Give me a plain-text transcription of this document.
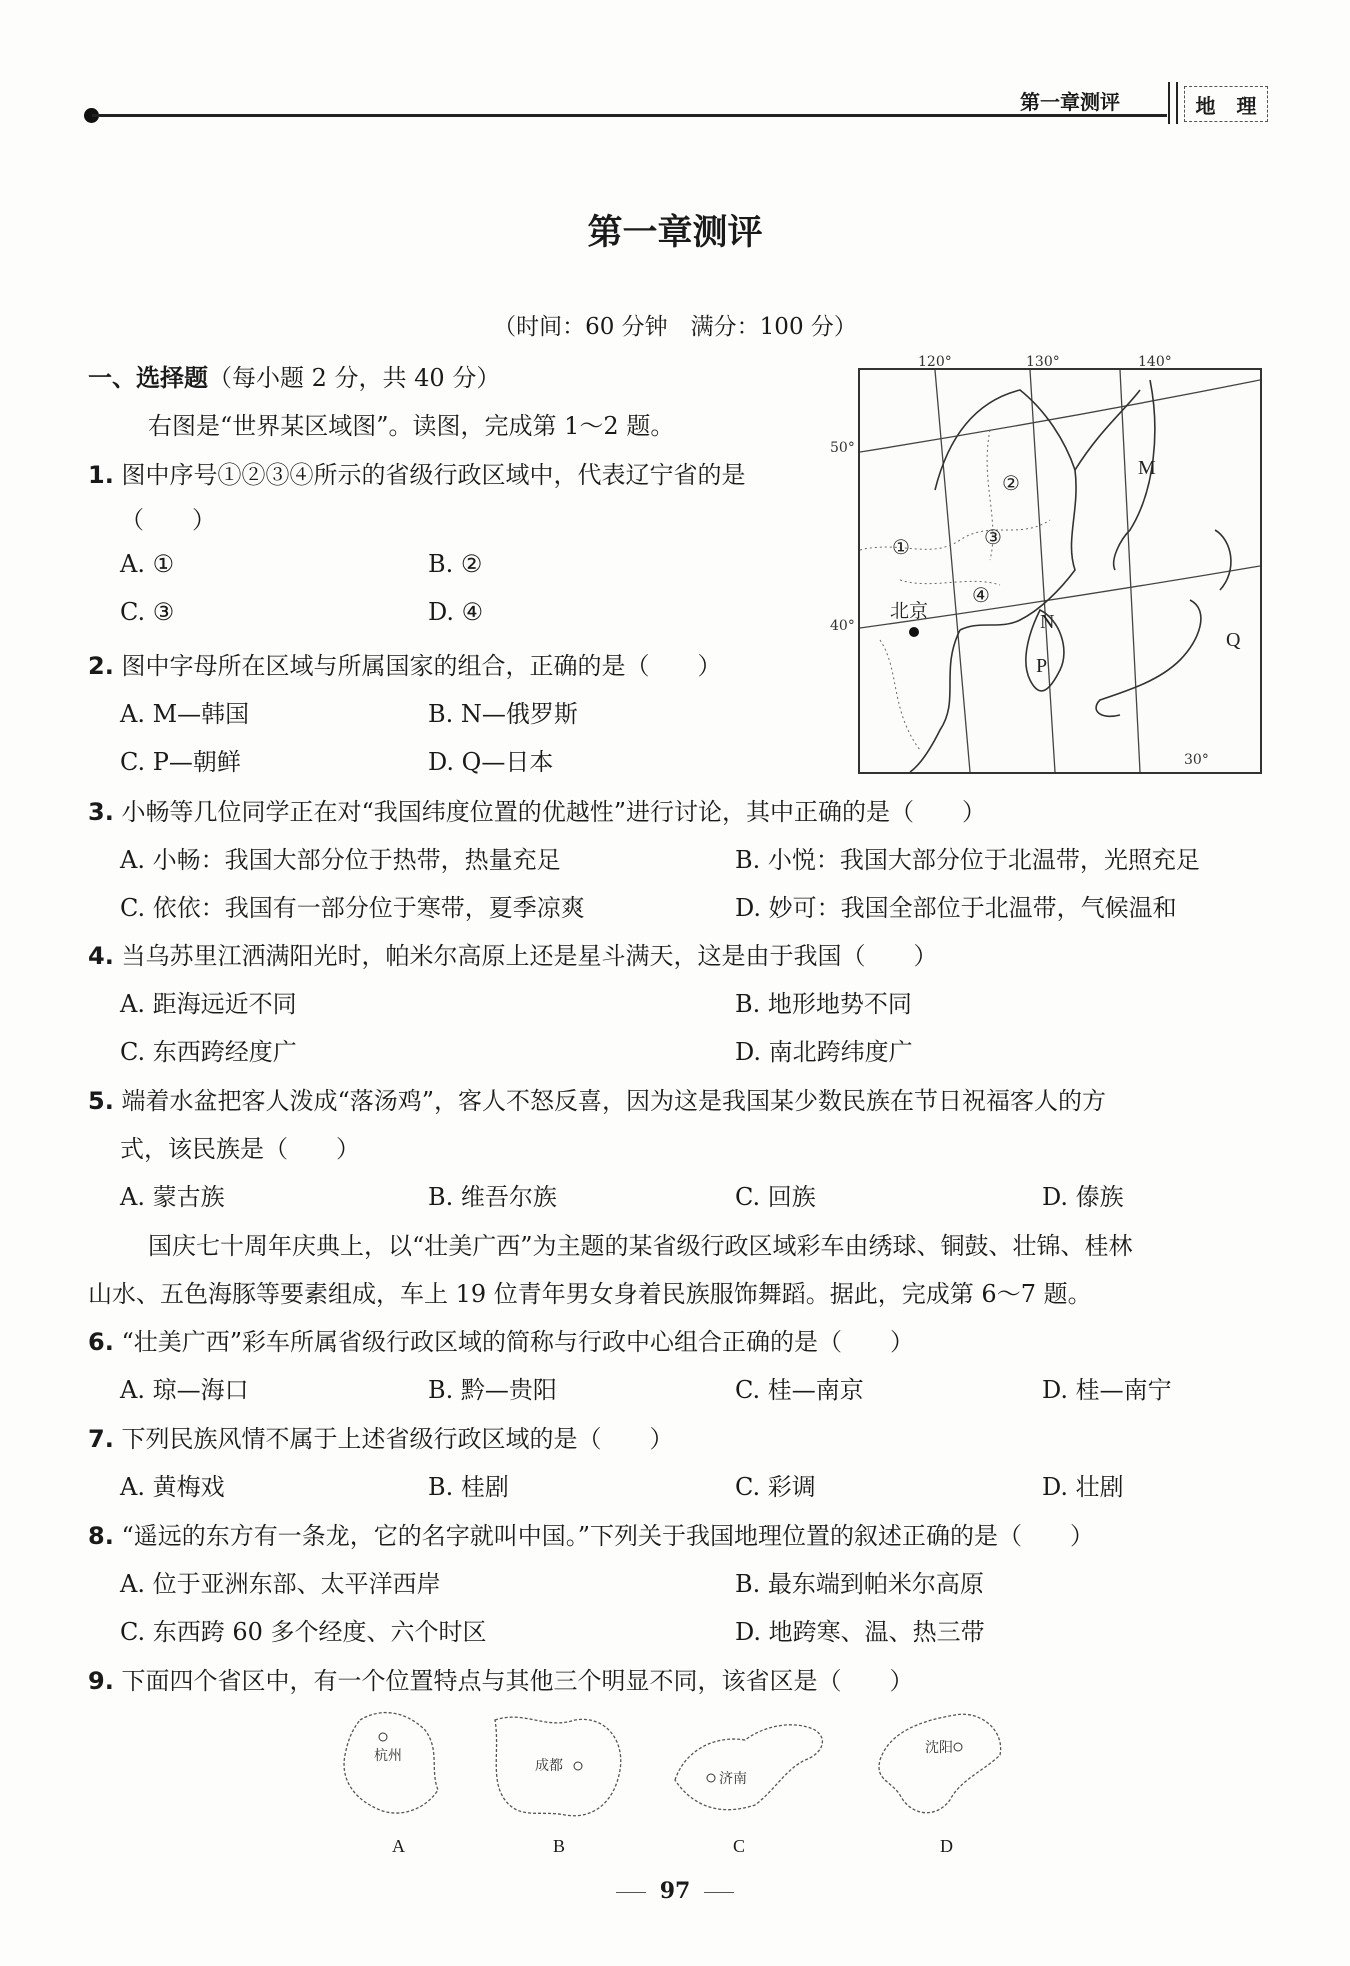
第一章测评	地 理
第一章测评
（时间：60 分钟　满分：100 分）
一、选择题（每小题 2 分，共 40 分）
右图是“世界某区域图”。读图，完成第 1～2 题。
1. 图中序号①②③④所示的省级行政区域中，代表辽宁省的是
（　　）
A. ①	B. ②
C. ③	D. ④
2. 图中字母所在区域与所属国家的组合，正确的是（　　）
A. M—韩国	B. N—俄罗斯
C. P—朝鲜	D. Q—日本
①
②
③
④
M
N
P
Q
北京
120°	130°	140°
50°
40°
30°
3. 小畅等几位同学正在对“我国纬度位置的优越性”进行讨论，其中正确的是（　　）
A. 小畅：我国大部分位于热带，热量充足	B. 小悦：我国大部分位于北温带，光照充足
C. 依依：我国有一部分位于寒带，夏季凉爽	D. 妙可：我国全部位于北温带，气候温和
4. 当乌苏里江洒满阳光时，帕米尔高原上还是星斗满天，这是由于我国（　　）
A. 距海远近不同	B. 地形地势不同
C. 东西跨经度广	D. 南北跨纬度广
5. 端着水盆把客人泼成“落汤鸡”，客人不怒反喜，因为这是我国某少数民族在节日祝福客人的方
式，该民族是（　　）
A. 蒙古族	B. 维吾尔族	C. 回族	D. 傣族
国庆七十周年庆典上，以“壮美广西”为主题的某省级行政区域彩车由绣球、铜鼓、壮锦、桂林
山水、五色海豚等要素组成，车上 19 位青年男女身着民族服饰舞蹈。据此，完成第 6～7 题。
6. “壮美广西”彩车所属省级行政区域的简称与行政中心组合正确的是（　　）
A. 琼—海口	B. 黔—贵阳	C. 桂—南京	D. 桂—南宁
7. 下列民族风情不属于上述省级行政区域的是（　　）
A. 黄梅戏	B. 桂剧	C. 彩调	D. 壮剧
8. “遥远的东方有一条龙，它的名字就叫中国。”下列关于我国地理位置的叙述正确的是（　　）
A. 位于亚洲东部、太平洋西岸	B. 最东端到帕米尔高原
C. 东西跨 60 多个经度、六个时区	D. 地跨寒、温、热三带
9. 下面四个省区中，有一个位置特点与其他三个明显不同，该省区是（　　）
杭州
成都
济南
沈阳
A	B	C	D
97
